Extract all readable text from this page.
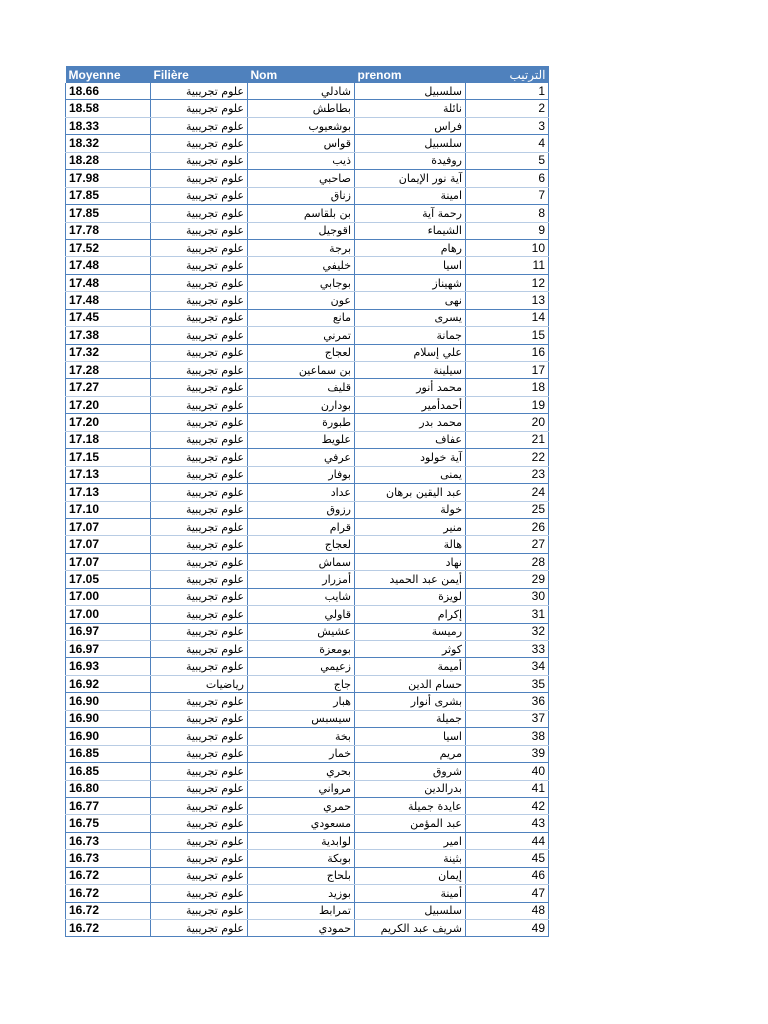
Moyenne	Filière	Nom	prenom	الترتيب
18.66	علوم تجريبية	شادلي	سلسبيل	1
18.58	علوم تجريبية	بطاطش	نائلة	2
18.33	علوم تجريبية	بوشعيوب	فراس	3
18.32	علوم تجريبية	قواس	سلسبيل	4
18.28	علوم تجريبية	ذيب	روفيدة	5
17.98	علوم تجريبية	صاحبي	آية نور الإيمان	6
17.85	علوم تجريبية	زناق	امينة	7
17.85	علوم تجريبية	بن بلقاسم	رحمة آية	8
17.78	علوم تجريبية	اقوجيل	الشيماء	9
17.52	علوم تجريبية	برجة	رهام	10
17.48	علوم تجريبية	خليفي	اسيا	11
17.48	علوم تجريبية	بوجابي	شهيناز	12
17.48	علوم تجريبية	عون	نهى	13
17.45	علوم تجريبية	مانع	يسرى	14
17.38	علوم تجريبية	تمرني	جمانة	15
17.32	علوم تجريبية	لعجاج	علي إسلام	16
17.28	علوم تجريبية	بن سماعين	سيلينة	17
17.27	علوم تجريبية	قليف	محمد أنور	18
17.20	علوم تجريبية	بودارن	أحمدأمير	19
17.20	علوم تجريبية	طبورة	محمد بدر	20
17.18	علوم تجريبية	علويط	عفاف	21
17.15	علوم تجريبية	عرفي	آية خولود	22
17.13	علوم تجريبية	بوفار	يمنى	23
17.13	علوم تجريبية	عداد	عبد اليقين برهان	24
17.10	علوم تجريبية	رزوق	خولة	25
17.07	علوم تجريبية	قرام	منير	26
17.07	علوم تجريبية	لعجاج	هالة	27
17.07	علوم تجريبية	سماش	نهاد	28
17.05	علوم تجريبية	أمزرار	أيمن عبد الحميد	29
17.00	علوم تجريبية	شايب	لويزة	30
17.00	علوم تجريبية	قاولي	إكرام	31
16.97	علوم تجريبية	عشيش	رميسة	32
16.97	علوم تجريبية	بومعزة	كوثر	33
16.93	علوم تجريبية	زعيمي	أميمة	34
16.92	رياضيات	جاج	حسام الدين	35
16.90	علوم تجريبية	هبار	بشرى أنوار	36
16.90	علوم تجريبية	سيسبس	جميلة	37
16.90	علوم تجريبية	بخة	اسيا	38
16.85	علوم تجريبية	خمار	مريم	39
16.85	علوم تجريبية	بحري	شروق	40
16.80	علوم تجريبية	مرواني	بدرالدين	41
16.77	علوم تجريبية	حمري	عايدة جميلة	42
16.75	علوم تجريبية	مسعودي	عبد المؤمن	43
16.73	علوم تجريبية	لوابدية	امير	44
16.73	علوم تجريبية	بوبكة	بثينة	45
16.72	علوم تجريبية	بلحاج	إيمان	46
16.72	علوم تجريبية	بوزيد	أمينة	47
16.72	علوم تجريبية	تمرابط	سلسبيل	48
16.72	علوم تجريبية	حمودي	شريف عبد الكريم	49
